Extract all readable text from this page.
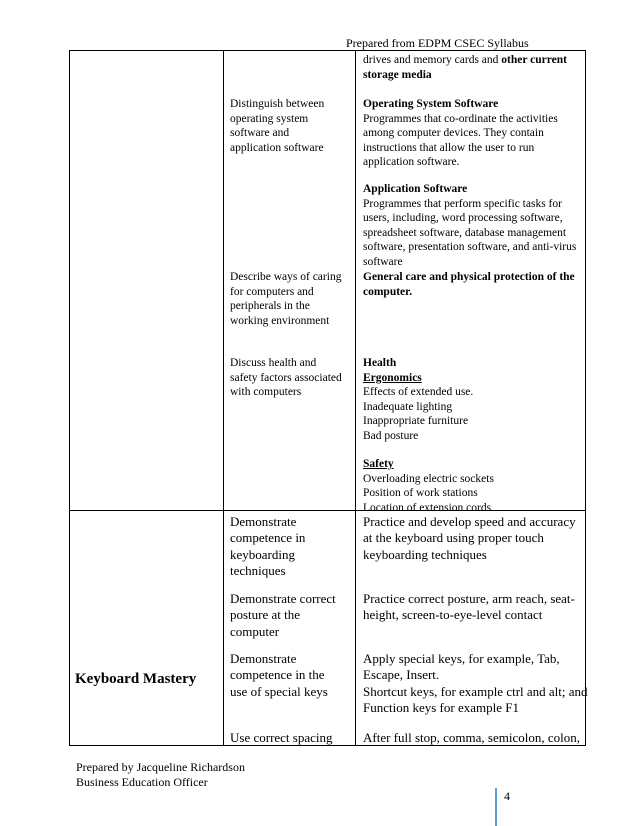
Prepared from EDPM CSEC Syllabus
drives and memory cards and other current
storage media
Distinguish between
operating system
software and
application software
Operating System Software
Programmes that co-ordinate the activities
among computer devices. They contain
instructions that allow the user to run
application software.
Application Software
Programmes that perform specific tasks for
users, including, word processing software,
spreadsheet software, database management
software, presentation software, and anti-virus
software
Describe ways of caring
for computers and
peripherals in the
working environment
General care and physical protection of the
computer.
Discuss health and
safety factors associated
with computers
Health
Ergonomics
Effects of extended use.
Inadequate lighting
Inappropriate furniture
Bad posture
Safety
Overloading electric sockets
Position of work stations
Location of extension cords
Keyboard Mastery
Demonstrate
competence in
keyboarding
techniques
Practice and develop speed and accuracy
at the keyboard using proper touch
keyboarding techniques
Demonstrate correct
posture at the
computer
Practice correct posture, arm reach, seat-
height, screen-to-eye-level contact
Demonstrate
competence in the
use of special keys
Apply special keys, for example, Tab,
Escape, Insert.
Shortcut keys, for example ctrl and alt; and
Function keys for example F1
Use correct spacing After full stop, comma, semicolon, colon,
Prepared by Jacqueline Richardson
Business Education Officer
4
